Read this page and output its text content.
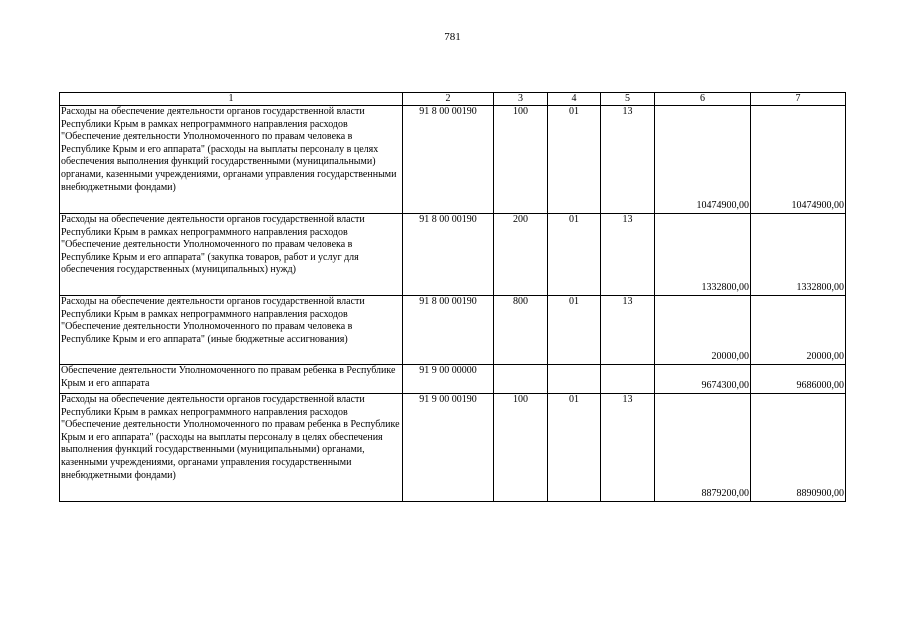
781
1	2	3	4	5	6	7
Расходы на обеспечение деятельности органов государственной власти Республики Крым в рамках непрограммного направления расходов "Обеспечение деятельности Уполномоченного по правам человека в Республике Крым и его аппарата" (расходы на выплаты персоналу в целях обеспечения выполнения функций государственными (муниципальными) органами, казенными учреждениями, органами управления государственными внебюджетными фондами)	91 8 00 00190	100	01	13	10474900,00	10474900,00
Расходы на обеспечение деятельности органов государственной власти Республики Крым в рамках непрограммного направления расходов "Обеспечение деятельности Уполномоченного по правам человека в Республике Крым и его аппарата" (закупка товаров, работ и услуг для обеспечения государственных (муниципальных) нужд)	91 8 00 00190	200	01	13	1332800,00	1332800,00
Расходы на обеспечение деятельности органов государственной власти Республики Крым в рамках непрограммного направления расходов "Обеспечение деятельности Уполномоченного по правам человека в Республике Крым и его аппарата" (иные бюджетные ассигнования)	91 8 00 00190	800	01	13	20000,00	20000,00
Обеспечение деятельности Уполномоченного по правам ребенка в Республике Крым и его аппарата	91 9 00 00000				9674300,00	9686000,00
Расходы на обеспечение деятельности органов государственной власти Республики Крым в рамках непрограммного направления расходов "Обеспечение деятельности Уполномоченного по правам ребенка в Республике Крым и его аппарата" (расходы на выплаты персоналу в целях обеспечения выполнения функций государственными (муниципальными) органами, казенными учреждениями, органами управления государственными внебюджетными фондами)	91 9 00 00190	100	01	13	8879200,00	8890900,00
